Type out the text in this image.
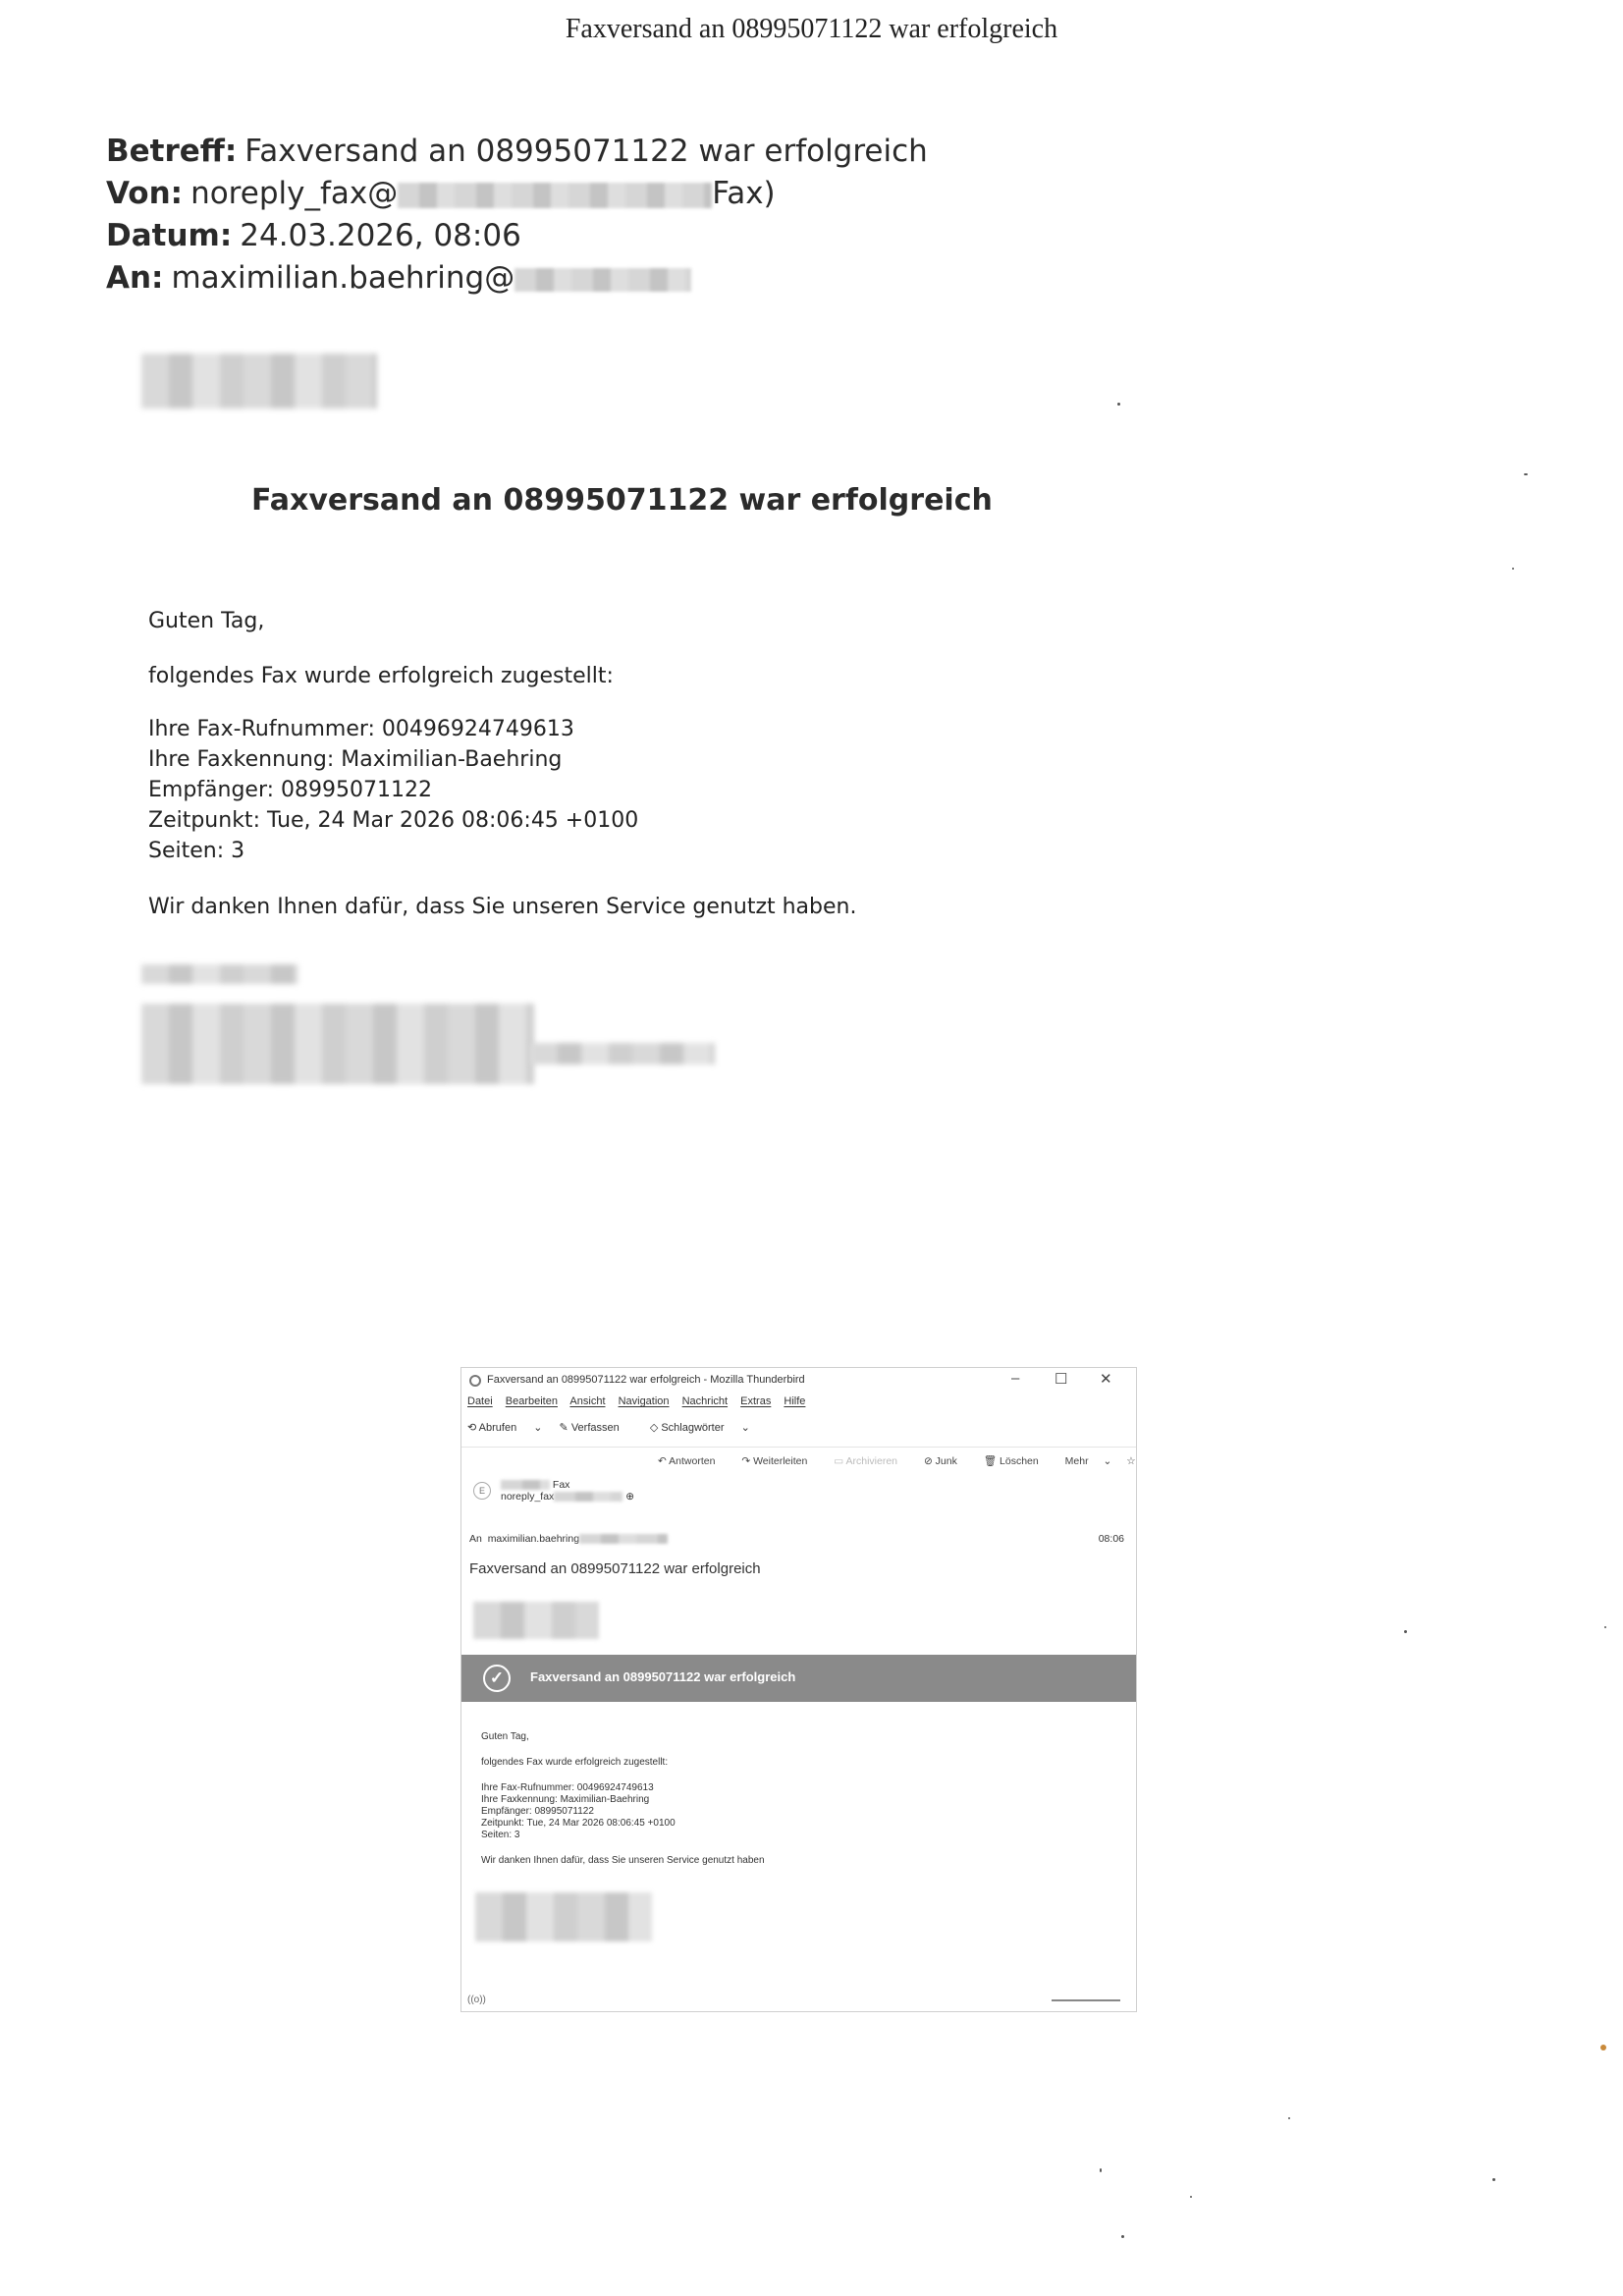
Faxversand an 08995071122 war erfolgreich
Betreff: Faxversand an 08995071122 war erfolgreich
Von: noreply_fax@	Fax)
Datum: 24.03.2026, 08:06
An: maximilian.baehring@
Faxversand an 08995071122 war erfolgreich
Guten Tag,
folgendes Fax wurde erfolgreich zugestellt:
Ihre Fax-Rufnummer: 00496924749613
Ihre Faxkennung: Maximilian-Baehring
Empfänger: 08995071122
Zeitpunkt: Tue, 24 Mar 2026 08:06:45 +0100
Seiten: 3
Wir danken Ihnen dafür, dass Sie unseren Service genutzt haben.
Faxversand an 08995071122 war erfolgreich - Mozilla Thunderbird	– ☐ ✕
Datei Bearbeiten Ansicht Navigation Nachricht Extras Hilfe
⟲ Abrufen ⌄ ✎ Verfassen	◇ Schlagwörter ⌄
↶ Antworten	↷ Weiterleiten	▭ Archivieren	⊘ Junk	🗑 Löschen	Mehr ⌄ ☆
E	Fax
noreply_fax	⊕
An maximilian.baehring	08:06
Faxversand an 08995071122 war erfolgreich
✓	Faxversand an 08995071122 war erfolgreich
Guten Tag,
folgendes Fax wurde erfolgreich zugestellt:
Ihre Fax-Rufnummer: 00496924749613
Ihre Faxkennung: Maximilian-Baehring
Empfänger: 08995071122
Zeitpunkt: Tue, 24 Mar 2026 08:06:45 +0100
Seiten: 3
Wir danken Ihnen dafür, dass Sie unseren Service genutzt haben
((o))
